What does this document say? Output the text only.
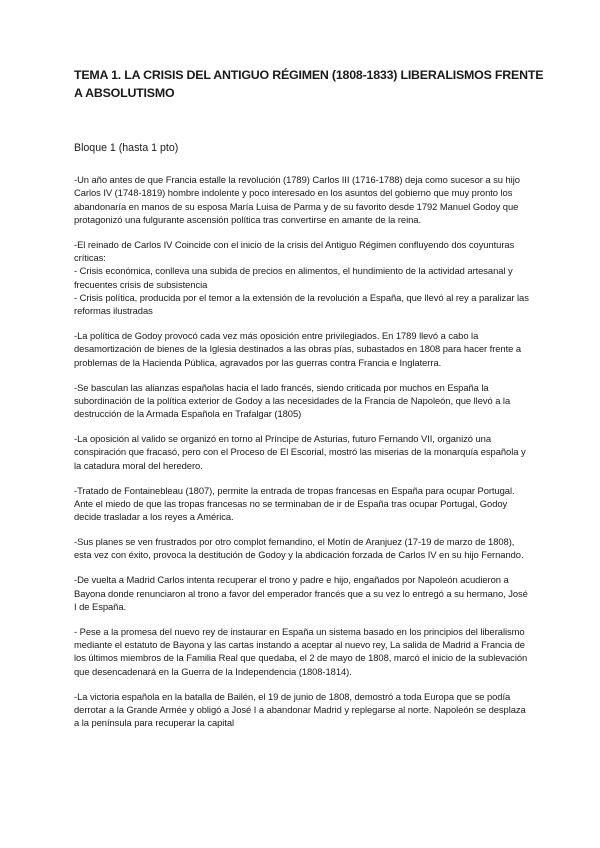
TEMA 1. LA CRISIS DEL ANTIGUO RÉGIMEN (1808-1833) LIBERALISMOS FRENTE A ABSOLUTISMO

Bloque 1 (hasta 1 pto)

-Un año antes de que Francia estalle la revolución (1789) Carlos III (1716-1788) deja como sucesor a su hijo Carlos IV (1748-1819) hombre indolente y poco interesado en los asuntos del gobierno que muy pronto los abandonaría en manos de su esposa María Luisa de Parma y de su favorito desde 1792 Manuel Godoy que protagonizó una fulgurante ascensión política tras convertirse en amante de la reina.

-El reinado de Carlos IV Coincide con el inicio de la crisis del Antiguo Régimen confluyendo dos coyunturas críticas:

- Crisis económica, conlleva una subida de precios en alimentos, el hundimiento de la actividad artesanal y frecuentes crisis de subsistencia

- Crisis política, producida por el temor a la extensión de la revolución a España, que llevó al rey a paralizar las reformas ilustradas

-La política de Godoy provocó cada vez más oposición entre privilegiados. En 1789 llevó a cabo la desamortización de bienes de la Iglesia destinados a las obras pías, subastados en 1808 para hacer frente a problemas de la Hacienda Pública, agravados por las guerras contra Francia e Inglaterra.

-Se basculan las alianzas españolas hacia el lado francés, siendo criticada por muchos en España la subordinación de la política exterior de Godoy a las necesidades de la Francia de Napoleón, que llevó a la destrucción de la Armada Española en Trafalgar (1805)

-La oposición al valido se organizó en torno al Príncipe de Asturias, futuro Fernando VII, organizó una conspiración que fracasó, pero con el Proceso de El Escorial, mostró las miserias de la monarquía española y la catadura moral del heredero.

-Tratado de Fontainebleau (1807), permite la entrada de tropas francesas en España para ocupar Portugal. Ante el miedo de que las tropas francesas no se terminaban de ir de España tras ocupar Portugal, Godoy decide trasladar a los reyes a América.

-Sus planes se ven frustrados por otro complot fernandino, el Motín de Aranjuez (17-19 de marzo de 1808), esta vez con éxito, provoca la destitución de Godoy y la abdicación forzada de Carlos IV en su hijo Fernando.

-De vuelta a Madrid Carlos intenta recuperar el trono y padre e hijo, engañados por Napoleón acudieron a Bayona donde renunciaron al trono a favor del emperador francés que a su vez lo entregó a su hermano, José I de España.

- Pese a la promesa del nuevo rey de instaurar en España un sistema basado en los principios del liberalismo mediante el estatuto de Bayona y las cartas instando a aceptar al nuevo rey, La salida de Madrid a Francia de los últimos miembros de la Familia Real que quedaba, el 2 de mayo de 1808, marcó el inicio de la sublevación que desencadenará en la Guerra de la Independencia (1808-1814).

-La victoria española en la batalla de Bailén, el 19 de junio de 1808, demostró a toda Europa que se podía derrotar a la Grande Armée y obligó a José I a abandonar Madrid y replegarse al norte. Napoleón se desplaza a la península para recuperar la capital
